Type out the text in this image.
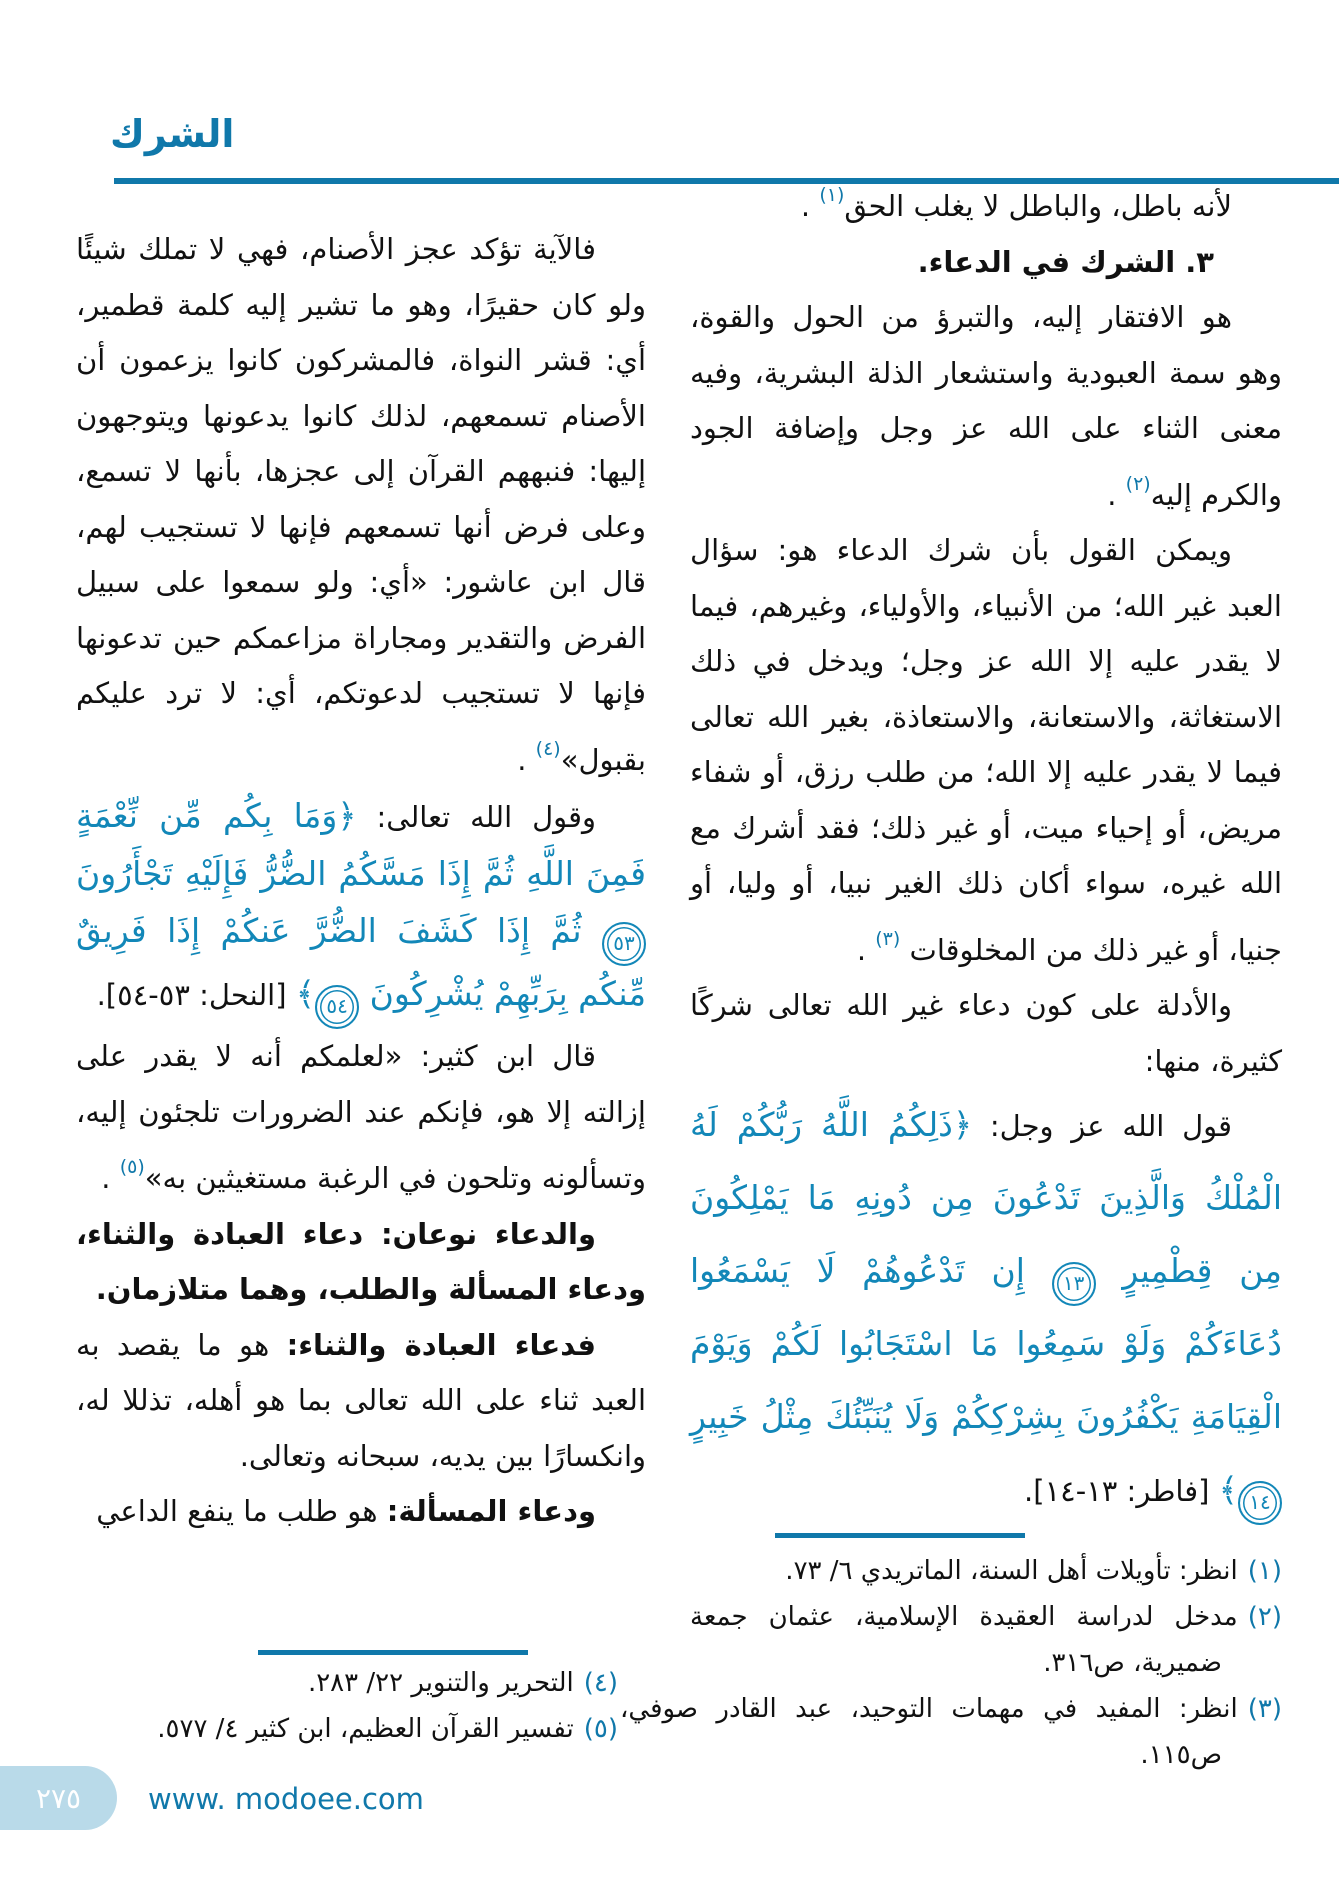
الشرك

لأنه باطل، والباطل لا يغلب الحق$^{(١)}$ .

٣. الشرك في الدعاء.

هو الافتقار إليه، والتبرؤ من الحول والقوة، وهو سمة العبودية واستشعار الذلة البشرية، وفيه معنى الثناء على الله عز وجل وإضافة الجود والكرم إليه$^{(٢)}$ .

ويمكن القول بأن شرك الدعاء هو: سؤال العبد غير الله؛ من الأنبياء، والأولياء، وغيرهم، فيما لا يقدر عليه إلا الله عز وجل؛ ويدخل في ذلك الاستغاثة، والاستعانة، والاستعاذة، بغير الله تعالى فيما لا يقدر عليه إلا الله؛ من طلب رزق، أو شفاء مريض، أو إحياء ميت، أو غير ذلك؛ فقد أشرك مع الله غيره، سواء أكان ذلك الغير نبيا، أو وليا، أو جنيا، أو غير ذلك من المخلوقات $^{(٣)}$ .

والأدلة على كون دعاء غير الله تعالى شركًا كثيرة، منها:

قول الله عز وجل: ﴿ذَلِكُمُ اللَّهُ رَبُّكُمْ لَهُ الْمُلْكُ وَالَّذِينَ تَدْعُونَ مِن دُونِهِ مَا يَمْلِكُونَ مِن قِطْمِيرٍ ١٣ إِن تَدْعُوهُمْ لَا يَسْمَعُوا دُعَاءَكُمْ وَلَوْ سَمِعُوا مَا اسْتَجَابُوا لَكُمْ وَيَوْمَ الْقِيَامَةِ يَكْفُرُونَ بِشِرْكِكُمْ وَلَا يُنَبِّئُكَ مِثْلُ خَبِيرٍ ١٤﴾ [فاطر: ١٣-١٤].

فالآية تؤكد عجز الأصنام، فهي لا تملك شيئًا ولو كان حقيرًا، وهو ما تشير إليه كلمة قطمير، أي: قشر النواة، فالمشركون كانوا يزعمون أن الأصنام تسمعهم، لذلك كانوا يدعونها ويتوجهون إليها: فنبههم القرآن إلى عجزها، بأنها لا تسمع، وعلى فرض أنها تسمعهم فإنها لا تستجيب لهم، قال ابن عاشور: «أي: ولو سمعوا على سبيل الفرض والتقدير ومجاراة مزاعمكم حين تدعونها فإنها لا تستجيب لدعوتكم، أي: لا ترد عليكم بقبول»$^{(٤)}$ .

وقول الله تعالى: ﴿وَمَا بِكُم مِّن نِّعْمَةٍ فَمِنَ اللَّهِ ثُمَّ إِذَا مَسَّكُمُ الضُّرُّ فَإِلَيْهِ تَجْأَرُونَ ٥٣ ثُمَّ إِذَا كَشَفَ الضُّرَّ عَنكُمْ إِذَا فَرِيقٌ مِّنكُم بِرَبِّهِمْ يُشْرِكُونَ ٥٤﴾ [النحل: ٥٣-٥٤].

قال ابن كثير: «لعلمكم أنه لا يقدر على إزالته إلا هو، فإنكم عند الضرورات تلجئون إليه، وتسألونه وتلحون في الرغبة مستغيثين به»$^{(٥)}$ .

والدعاء نوعان: دعاء العبادة والثناء، ودعاء المسألة والطلب، وهما متلازمان.

فدعاء العبادة والثناء: هو ما يقصد به العبد ثناء على الله تعالى بما هو أهله، تذللا له، وانكسارًا بين يديه، سبحانه وتعالى.

ودعاء المسألة: هو طلب ما ينفع الداعي

(١)انظر: تأويلات أهل السنة، الماتريدي ٦/ ٧٣.

(٢)مدخل لدراسة العقيدة الإسلامية، عثمان جمعة ضميرية، ص٣١٦.

(٣)انظر: المفيد في مهمات التوحيد، عبد القادر صوفي، ص١١٥.

(٤)التحرير والتنوير ٢٢/ ٢٨٣.

(٥)تفسير القرآن العظيم، ابن كثير ٤/ ٥٧٧.

٢٧٥ www. modoee.com
